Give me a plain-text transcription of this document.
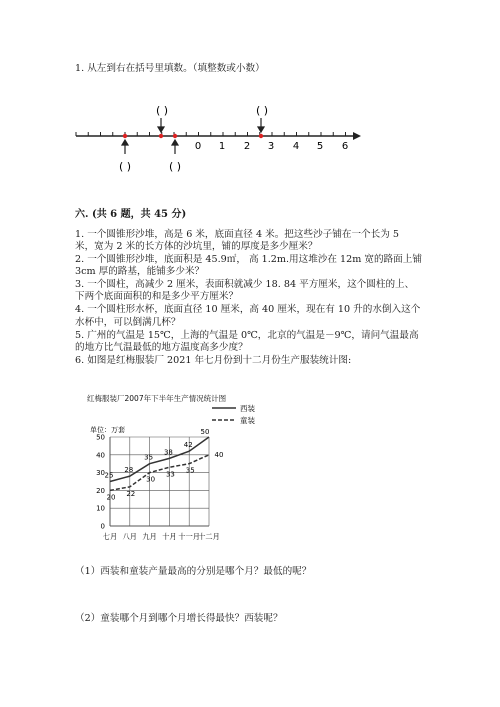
1. 从左到右在括号里填数。（填整数或小数）
0 1 2 3 4 5 6
( )	( )
( )	( )
六. (共 6 题，共 45 分)
1. 一个圆锥形沙堆，高是 6 米，底面直径 4 米。把这些沙子铺在一个长为 5
米，宽为 2 米的长方体的沙坑里，铺的厚度是多少厘米？
2. 一个圆锥形沙堆，底面积是 45.9㎡， 高 1.2m.用这堆沙在 12m 宽的路面上铺
3cm 厚的路基，能铺多少米？
3. 一个圆柱，高减少 2 厘米，表面积就减少 18. 84 平方厘米，这个圆柱的上、
下两个底面面积的和是多少平方厘米？
4. 一个圆柱形水杯，底面直径 10 厘米，高 40 厘米，现在有 10 升的水倒入这个
水杯中，可以倒满几杯？
5. 广州的气温是 15℃，上海的气温是 0℃，北京的气温是－9℃，请问气温最高
的地方比气温最低的地方温度高多少度？
6. 如图是红梅服装厂 2021 年七月份到十二月份生产服装统计图:
红梅服装厂2007年下半年生产情况统计图
西装
童装
单位：万套
0
10
20
30
40
50
七月 八月 九月 十月 十一月
十二月
25
28
35
38
42
50
20 22
30
33 35
40
（1）西装和童装产量最高的分别是哪个月？最低的呢？
（2）童装哪个月到哪个月增长得最快？西装呢？
